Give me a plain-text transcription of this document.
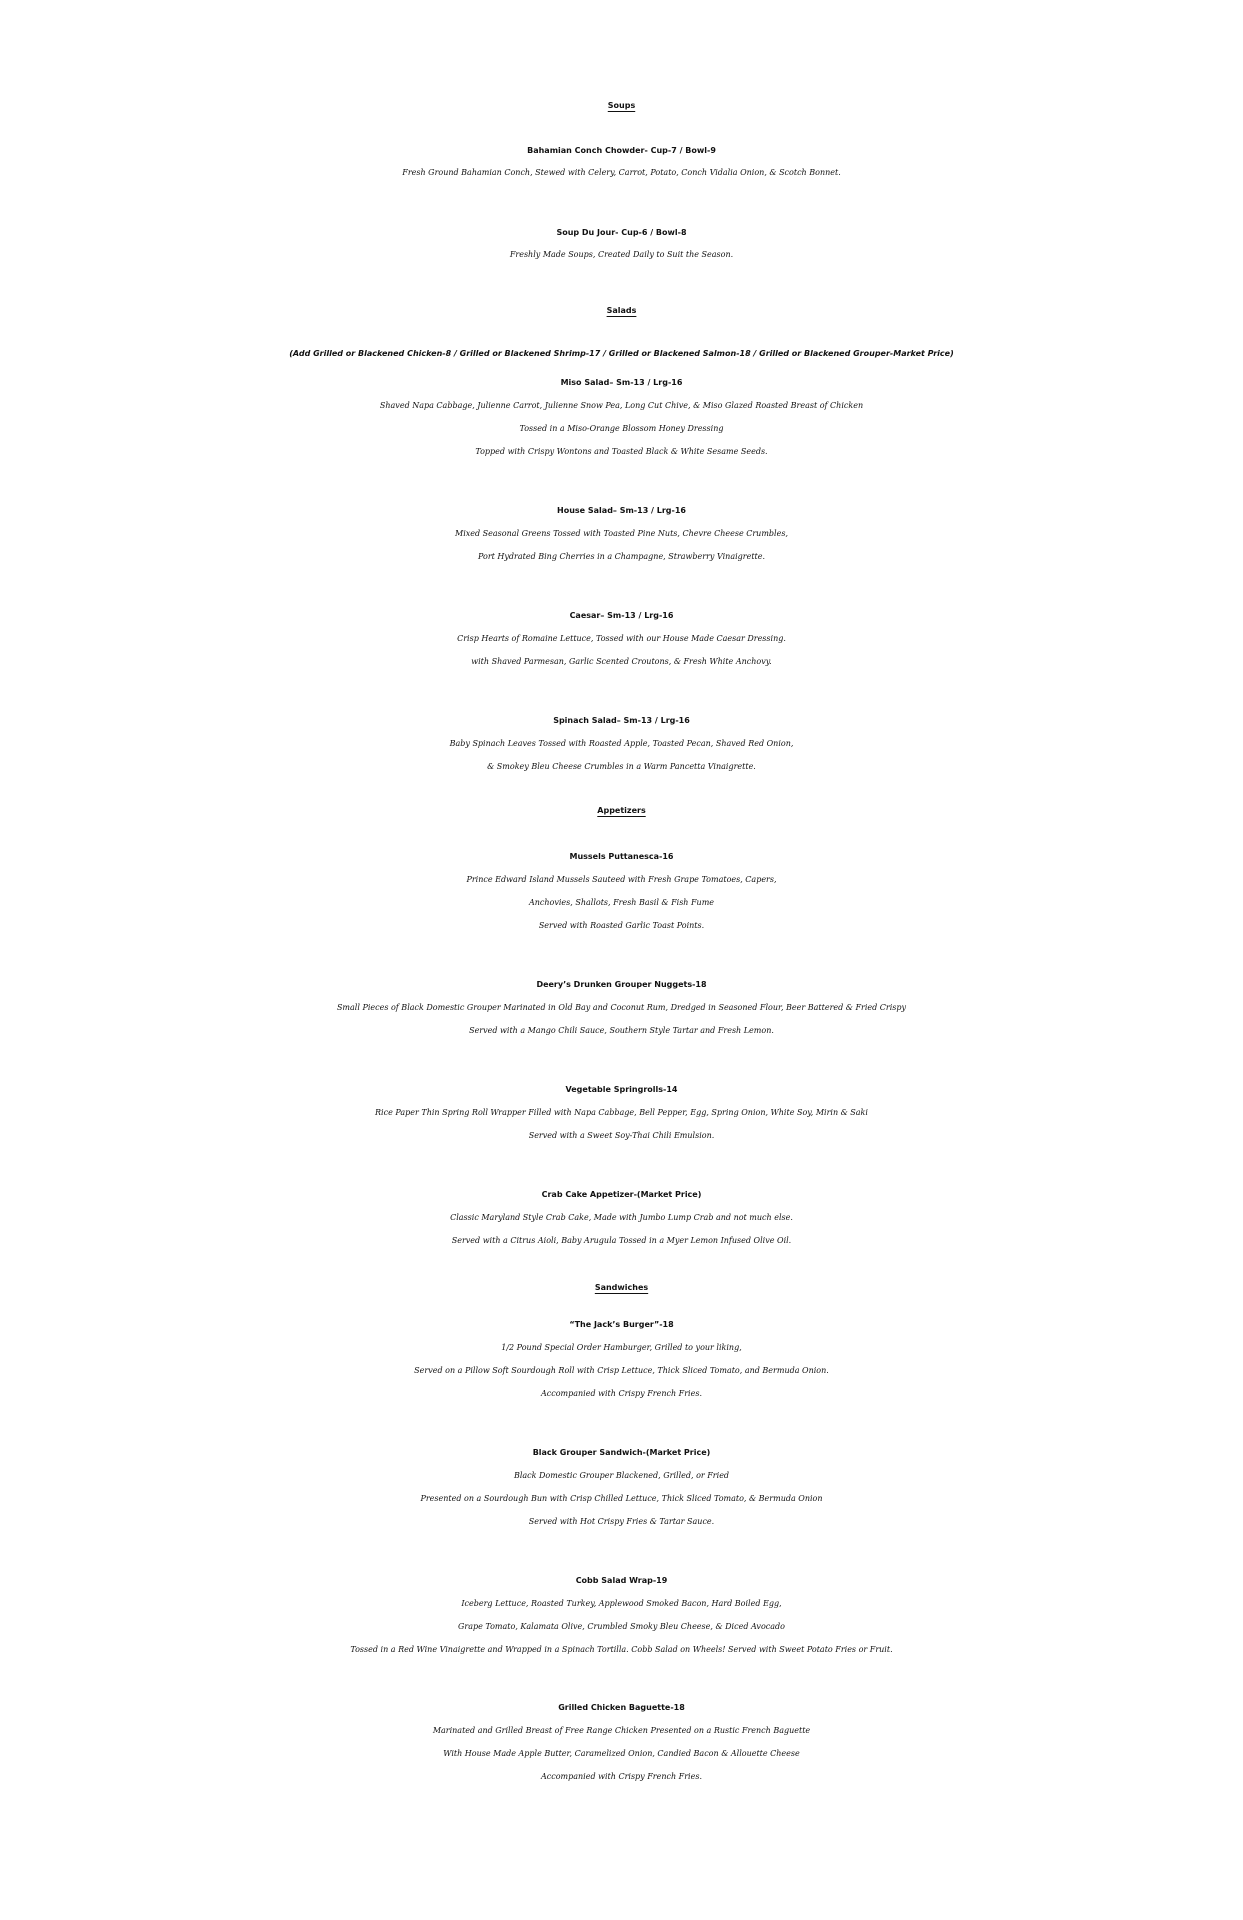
Soups
Bahamian Conch Chowder- Cup-7 / Bowl-9
Fresh Ground Bahamian Conch, Stewed with Celery, Carrot, Potato, Conch Vidalia Onion, & Scotch Bonnet.
Soup Du Jour- Cup-6 / Bowl-8
Freshly Made Soups, Created Daily to Suit the Season.
Salads
(Add Grilled or Blackened Chicken-8 / Grilled or Blackened Shrimp-17 / Grilled or Blackened Salmon-18 / Grilled or Blackened Grouper-Market Price)
Miso Salad– Sm-13 / Lrg-16
Shaved Napa Cabbage, Julienne Carrot, Julienne Snow Pea, Long Cut Chive, & Miso Glazed Roasted Breast of Chicken
Tossed in a Miso-Orange Blossom Honey Dressing
Topped with Crispy Wontons and Toasted Black & White Sesame Seeds.
House Salad– Sm-13 / Lrg-16
Mixed Seasonal Greens Tossed with Toasted Pine Nuts, Chevre Cheese Crumbles,
Port Hydrated Bing Cherries in a Champagne, Strawberry Vinaigrette.
Caesar– Sm-13 / Lrg-16
Crisp Hearts of Romaine Lettuce, Tossed with our House Made Caesar Dressing.
with Shaved Parmesan, Garlic Scented Croutons, & Fresh White Anchovy.
Spinach Salad– Sm-13 / Lrg-16
Baby Spinach Leaves Tossed with Roasted Apple, Toasted Pecan, Shaved Red Onion,
& Smokey Bleu Cheese Crumbles in a Warm Pancetta Vinaigrette.
Appetizers
Mussels Puttanesca-16
Prince Edward Island Mussels Sauteed with Fresh Grape Tomatoes, Capers,
Anchovies, Shallots, Fresh Basil & Fish Fume
Served with Roasted Garlic Toast Points.
Deery’s Drunken Grouper Nuggets-18
Small Pieces of Black Domestic Grouper Marinated in Old Bay and Coconut Rum, Dredged in Seasoned Flour, Beer Battered & Fried Crispy
Served with a Mango Chili Sauce, Southern Style Tartar and Fresh Lemon.
Vegetable Springrolls-14
Rice Paper Thin Spring Roll Wrapper Filled with Napa Cabbage, Bell Pepper, Egg, Spring Onion, White Soy, Mirin & Saki
Served with a Sweet Soy-Thai Chili Emulsion.
Crab Cake Appetizer-(Market Price)
Classic Maryland Style Crab Cake, Made with Jumbo Lump Crab and not much else.
Served with a Citrus Aioli, Baby Arugula Tossed in a Myer Lemon Infused Olive Oil.
Sandwiches
“The Jack’s Burger”-18
1/2 Pound Special Order Hamburger, Grilled to your liking,
Served on a Pillow Soft Sourdough Roll with Crisp Lettuce, Thick Sliced Tomato, and Bermuda Onion.
Accompanied with Crispy French Fries.
Black Grouper Sandwich-(Market Price)
Black Domestic Grouper Blackened, Grilled, or Fried
Presented on a Sourdough Bun with Crisp Chilled Lettuce, Thick Sliced Tomato, & Bermuda Onion
Served with Hot Crispy Fries & Tartar Sauce.
Cobb Salad Wrap-19
Iceberg Lettuce, Roasted Turkey, Applewood Smoked Bacon, Hard Boiled Egg,
Grape Tomato, Kalamata Olive, Crumbled Smoky Bleu Cheese, & Diced Avocado
Tossed in a Red Wine Vinaigrette and Wrapped in a Spinach Tortilla. Cobb Salad on Wheels! Served with Sweet Potato Fries or Fruit.
Grilled Chicken Baguette-18
Marinated and Grilled Breast of Free Range Chicken Presented on a Rustic French Baguette
With House Made Apple Butter, Caramelized Onion, Candied Bacon & Allouette Cheese
Accompanied with Crispy French Fries.
